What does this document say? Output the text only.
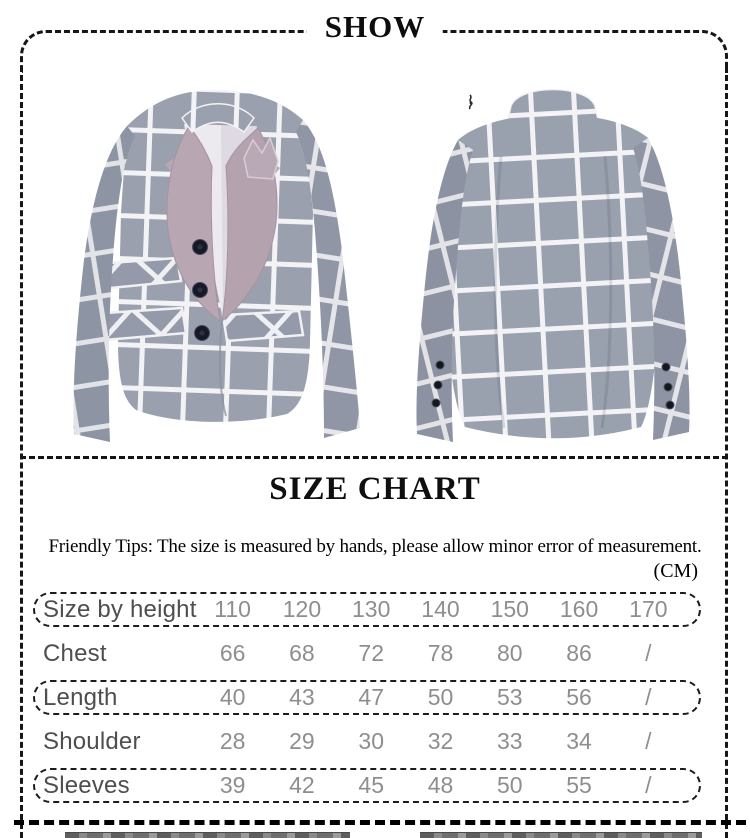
SHOW
SIZE CHART
Friendly Tips: The size is measured by hands, please allow minor error of measurement.
(CM)
Size by height 110	120	130	140	150	160	170
Chest	66	68	72	78	80	86	/
Length	40	43	47	50	53	56	/
Shoulder	28	29	30	32	33	34	/
Sleeves	39	42	45	48	50	55	/
